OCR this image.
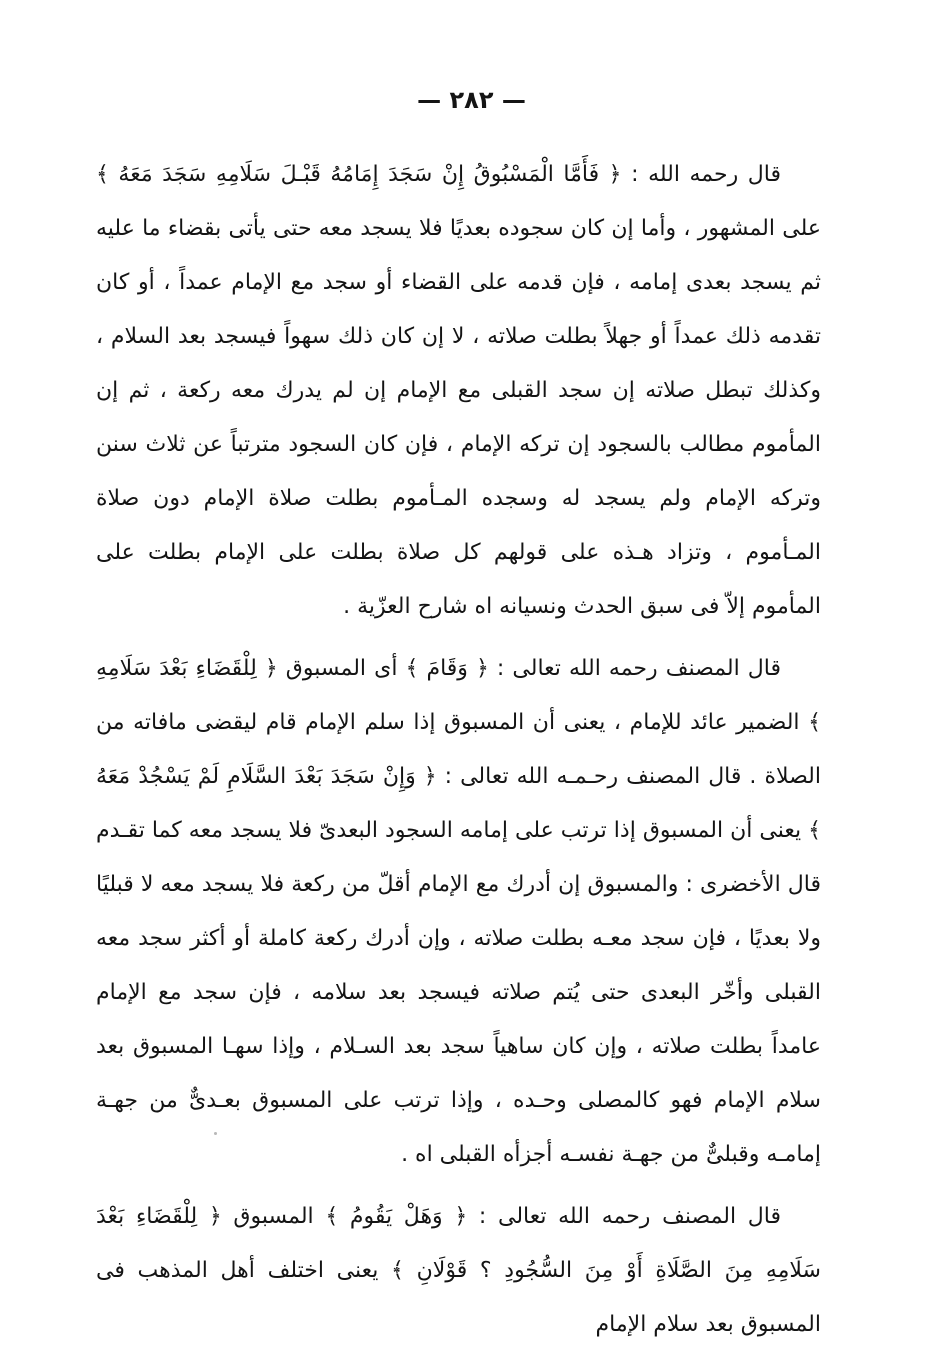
— ٢٨٢ —

قال رحمه الله : ﴿ فَأَمَّا الْمَسْبُوقُ إِنْ سَجَدَ إِمَامُهُ قَبْـلَ سَلَامِهِ سَجَدَ مَعَهُ ﴾ على المشهور ، وأما إن كان سجوده بعديًا فلا يسجد معه حتى يأتى بقضاء ما عليه ثم يسجد بعدى إمامه ، فإن قدمه على القضاء أو سجد مع الإمام عمداً ، أو كان تقدمه ذلك عمداً أو جهلاً بطلت صلاته ، لا إن كان ذلك سهواً فيسجد بعد السلام ، وكذلك تبطل صلاته إن سجد القبلى مع الإمام إن لم يدرك معه ركعة ، ثم إن المأموم مطالب بالسجود إن تركه الإمام ، فإن كان السجود مترتباً عن ثلاث سنن وتركه الإمام ولم يسجد له وسجده المـأموم بطلت صلاة الإمام دون صلاة المـأموم ، وتزاد هـذه على قولهم كل صلاة بطلت على الإمام بطلت على المأموم إلاّ فى سبق الحدث ونسيانه اه شارح العزّية .

قال المصنف رحمه الله تعالى : ﴿ وَقَامَ ﴾ أى المسبوق ﴿ لِلْقَضَاءِ بَعْدَ سَلَامِهِ ﴾ الضمير عائد للإمام ، يعنى أن المسبوق إذا سلم الإمام قام ليقضى مافاته من الصلاة . قال المصنف رحـمـه الله تعالى : ﴿ وَإِنْ سَجَدَ بَعْدَ السَّلَامِ لَمْ يَسْجُدْ مَعَهُ ﴾ يعنى أن المسبوق إذا ترتب على إمامه السجود البعدىّ فلا يسجد معه كما تقـدم قال الأخضرى : والمسبوق إن أدرك مع الإمام أقلّ من ركعة فلا يسجد معه لا قبليًا ولا بعديًا ، فإن سجد معـه بطلت صلاته ، وإن أدرك ركعة كاملة أو أكثر سجد معه القبلى وأخّر البعدى حتى يُتم صلاته فيسجد بعد سلامه ، فإن سجد مع الإمام عامداً بطلت صلاته ، وإن كان ساهياً سجد بعد السـلام ، وإذا سهـا المسبوق بعد سلام الإمام فهو كالمصلى وحـده ، وإذا ترتب على المسبوق بعـدىٌّ من جهـة إمامـه وقبلىٌّ من جهـة نفسـه أجزأه القبلى اه .

قال المصنف رحمه الله تعالى : ﴿ وَهَلْ يَقُومُ ﴾ المسبوق ﴿ لِلْقَضَاءِ بَعْدَ سَلَامِهِ مِنَ الصَّلَاةِ أَوْ مِنَ السُّجُودِ ؟ قَوْلَانِ ﴾ يعنى اختلف أهل المذهب فى المسبوق بعد سلام الإمام
